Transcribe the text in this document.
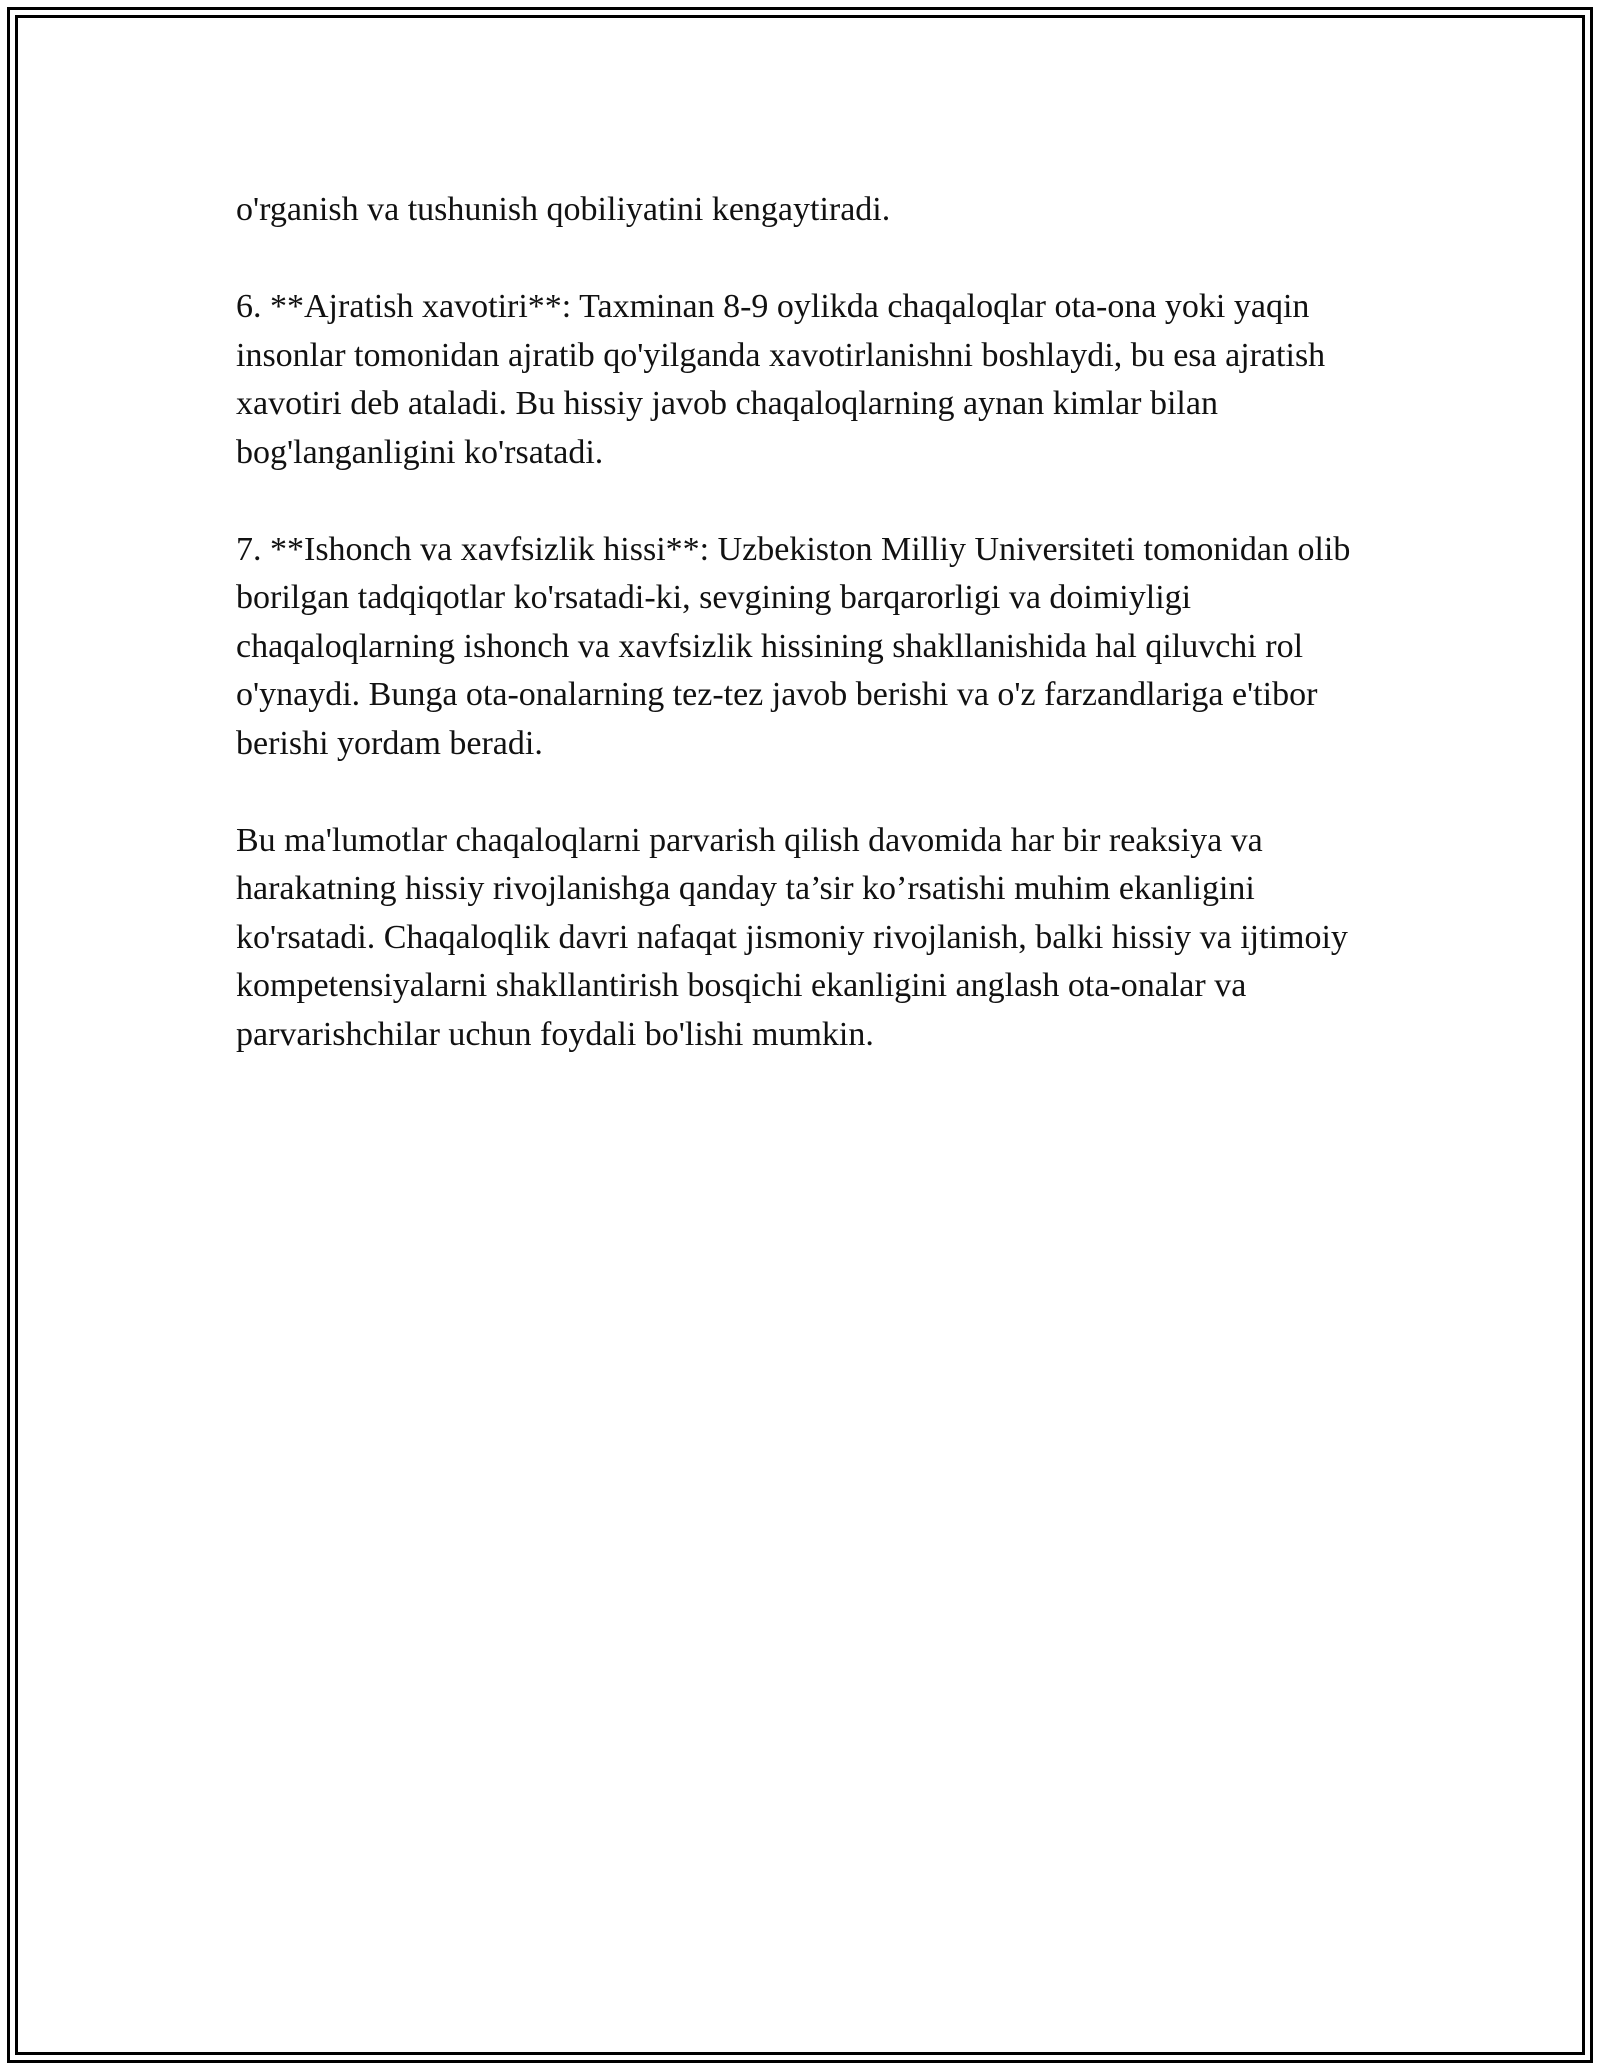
o'rganish va tushunish qobiliyatini kengaytiradi.

6. **Ajratish xavotiri**: Taxminan 8-9 oylikda chaqaloqlar ota-ona yoki yaqin insonlar tomonidan ajratib qo'yilganda xavotirlanishni boshlaydi, bu esa ajratish xavotiri deb ataladi. Bu hissiy javob chaqaloqlarning aynan kimlar bilan bog'langanligini ko'rsatadi.

7. **Ishonch va xavfsizlik hissi**: Uzbekiston Milliy Universiteti tomonidan olib borilgan tadqiqotlar ko'rsatadi-ki, sevgining barqarorligi va doimiyligi chaqaloqlarning ishonch va xavfsizlik hissining shakllanishida hal qiluvchi rol o'ynaydi. Bunga ota-onalarning tez-tez javob berishi va o'z farzandlariga e'tibor berishi yordam beradi.

Bu ma'lumotlar chaqaloqlarni parvarish qilish davomida har bir reaksiya va harakatning hissiy rivojlanishga qanday ta’sir ko’rsatishi muhim ekanligini ko'rsatadi. Chaqaloqlik davri nafaqat jismoniy rivojlanish, balki hissiy va ijtimoiy kompetensiyalarni shakllantirish bosqichi ekanligini anglash ota-onalar va parvarishchilar uchun foydali bo'lishi mumkin.
